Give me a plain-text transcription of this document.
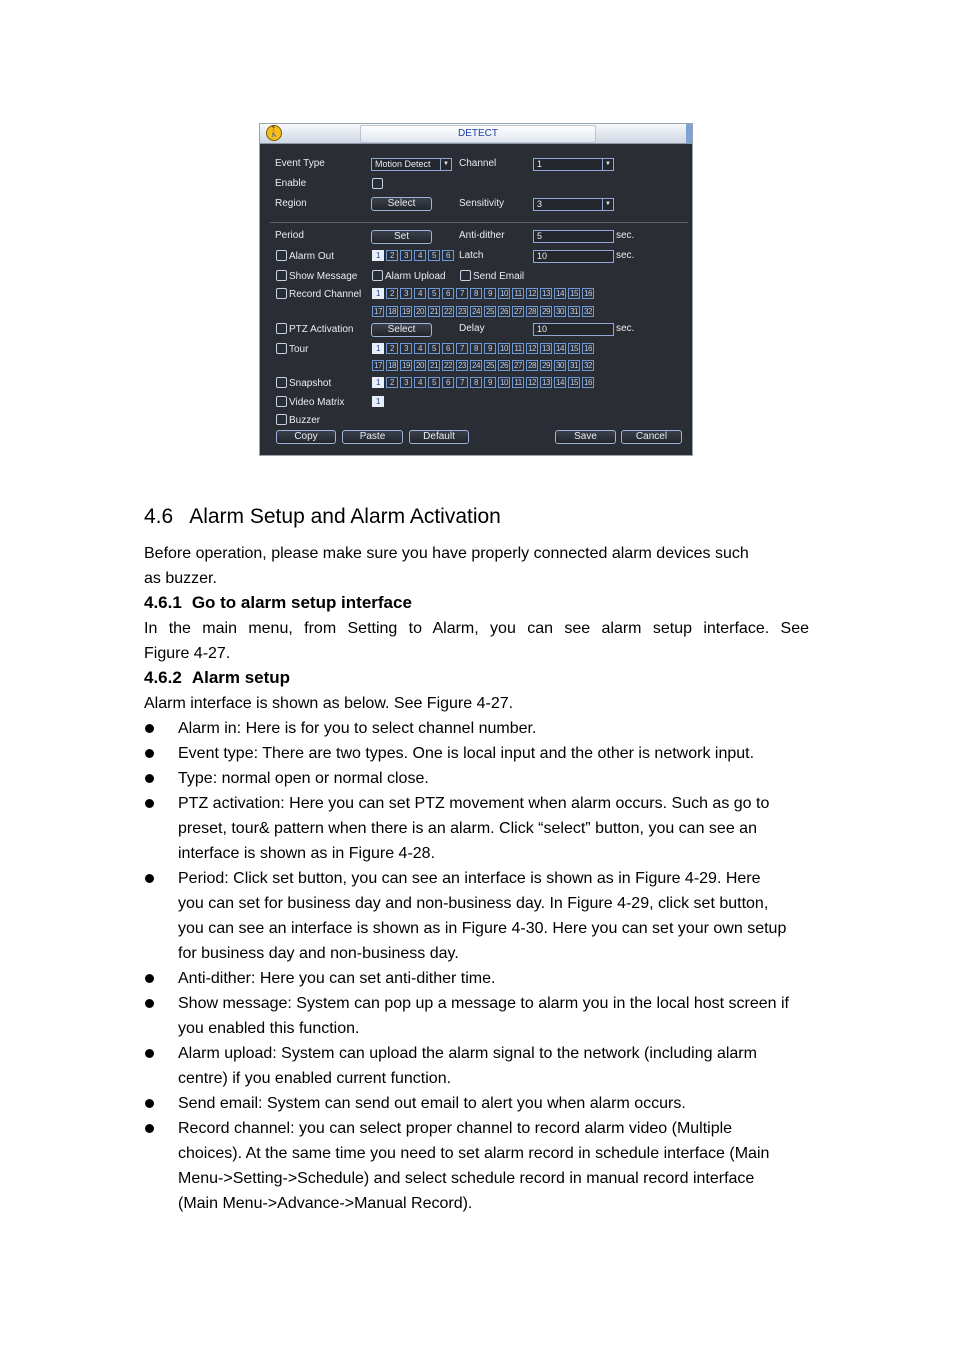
🚶	DETECT
Event Type	Motion Detect	▼ Channel	1	▼
Enable
Region	Select	Sensitivity	3	▼
Period	Set	Anti-dither	5	sec.
Alarm Out	1	2	3	4	5	6 Latch	10	sec.
Show Message	Alarm Upload	Send Email
Record Channel	1	2	3	4	5	6	7	8	9	10 11 12 13 14 15 16
17 18 19 20 21 22 23 24 25 26 27 28 29 30 31 32
PTZ Activation	Select	Delay	10	sec.
Tour	1	2	3	4	5	6	7	8	9	10 11 12 13 14 15 16
17 18 19 20 21 22 23 24 25 26 27 28 29 30 31 32
Snapshot	1	2	3	4	5	6	7	8	9	10 11 12 13 14 15 16
Video Matrix	1
Buzzer
Copy	Paste	Default	Save	Cancel
4.6 Alarm Setup and Alarm Activation
Before operation, please make sure you have properly connected alarm devices such
as buzzer.
4.6.1 Go to alarm setup interface
In the main menu, from Setting to Alarm, you can see alarm setup interface. See
Figure 4-27.
4.6.2 Alarm setup
Alarm interface is shown as below. See Figure 4-27.
Alarm in: Here is for you to select channel number.
Event type: There are two types. One is local input and the other is network input.
Type: normal open or normal close.
PTZ activation: Here you can set PTZ movement when alarm occurs. Such as go to
preset, tour& pattern when there is an alarm. Click “select” button, you can see an
interface is shown as in Figure 4-28.
Period: Click set button, you can see an interface is shown as in Figure 4-29. Here
you can set for business day and non-business day. In Figure 4-29, click set button,
you can see an interface is shown as in Figure 4-30. Here you can set your own setup
for business day and non-business day.
Anti-dither: Here you can set anti-dither time.
Show message: System can pop up a message to alarm you in the local host screen if
you enabled this function.
Alarm upload: System can upload the alarm signal to the network (including alarm
centre) if you enabled current function.
Send email: System can send out email to alert you when alarm occurs.
Record channel: you can select proper channel to record alarm video (Multiple
choices). At the same time you need to set alarm record in schedule interface (Main
Menu->Setting->Schedule) and select schedule record in manual record interface
(Main Menu->Advance->Manual Record).
